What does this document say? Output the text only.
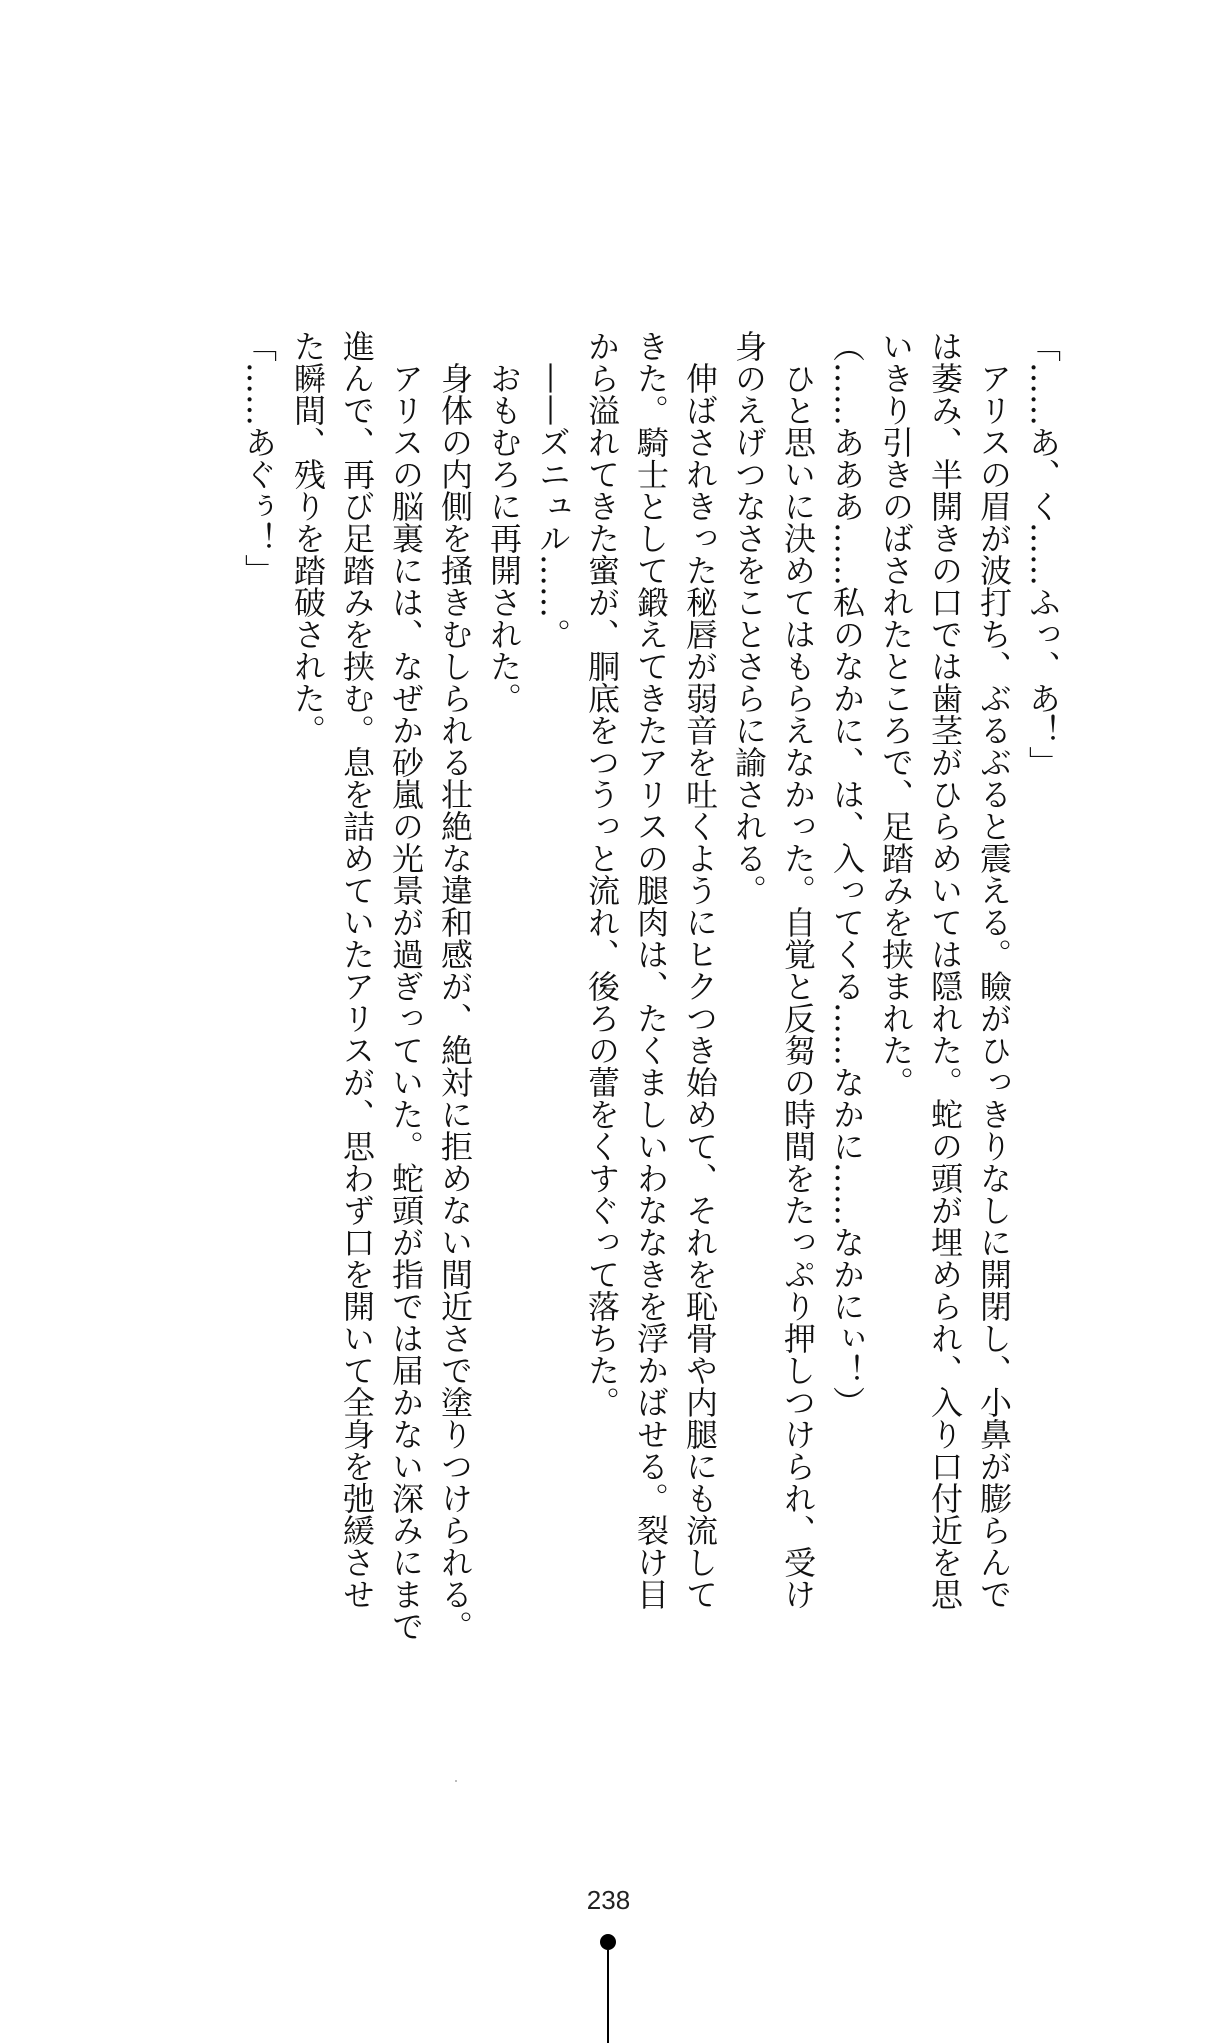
「……あ、く……ふっ、あ！」

　アリスの眉が波打ち、ぶるぶると震える。瞼がひっきりなしに開閉し、小鼻が膨らんで

は萎み、半開きの口では歯茎がひらめいては隠れた。蛇の頭が埋められ、入り口付近を思

いきり引きのばされたところで、足踏みを挟まれた。

（……あああ……私のなかに、は、入ってくる……なかに……なかにぃ！）

　ひと思いに決めてはもらえなかった。自覚と反芻の時間をたっぷり押しつけられ、受け

身のえげつなさをことさらに諭される。

　伸ばされきった秘唇が弱音を吐くようにヒクつき始めて、それを恥骨や内腿にも流して

きた。騎士として鍛えてきたアリスの腿肉は、たくましいわななきを浮かばせる。裂け目

から溢れてきた蜜が、胴底をつうっと流れ、後ろの蕾をくすぐって落ちた。

　——ズニュル……。

　おもむろに再開された。

　身体の内側を掻きむしられる壮絶な違和感が、絶対に拒めない間近さで塗りつけられる。

　アリスの脳裏には、なぜか砂嵐の光景が過ぎっていた。蛇頭が指では届かない深みにまで

進んで、再び足踏みを挟む。息を詰めていたアリスが、思わず口を開いて全身を弛緩させ

た瞬間、残りを踏破された。

「……あぐぅ！」

238
